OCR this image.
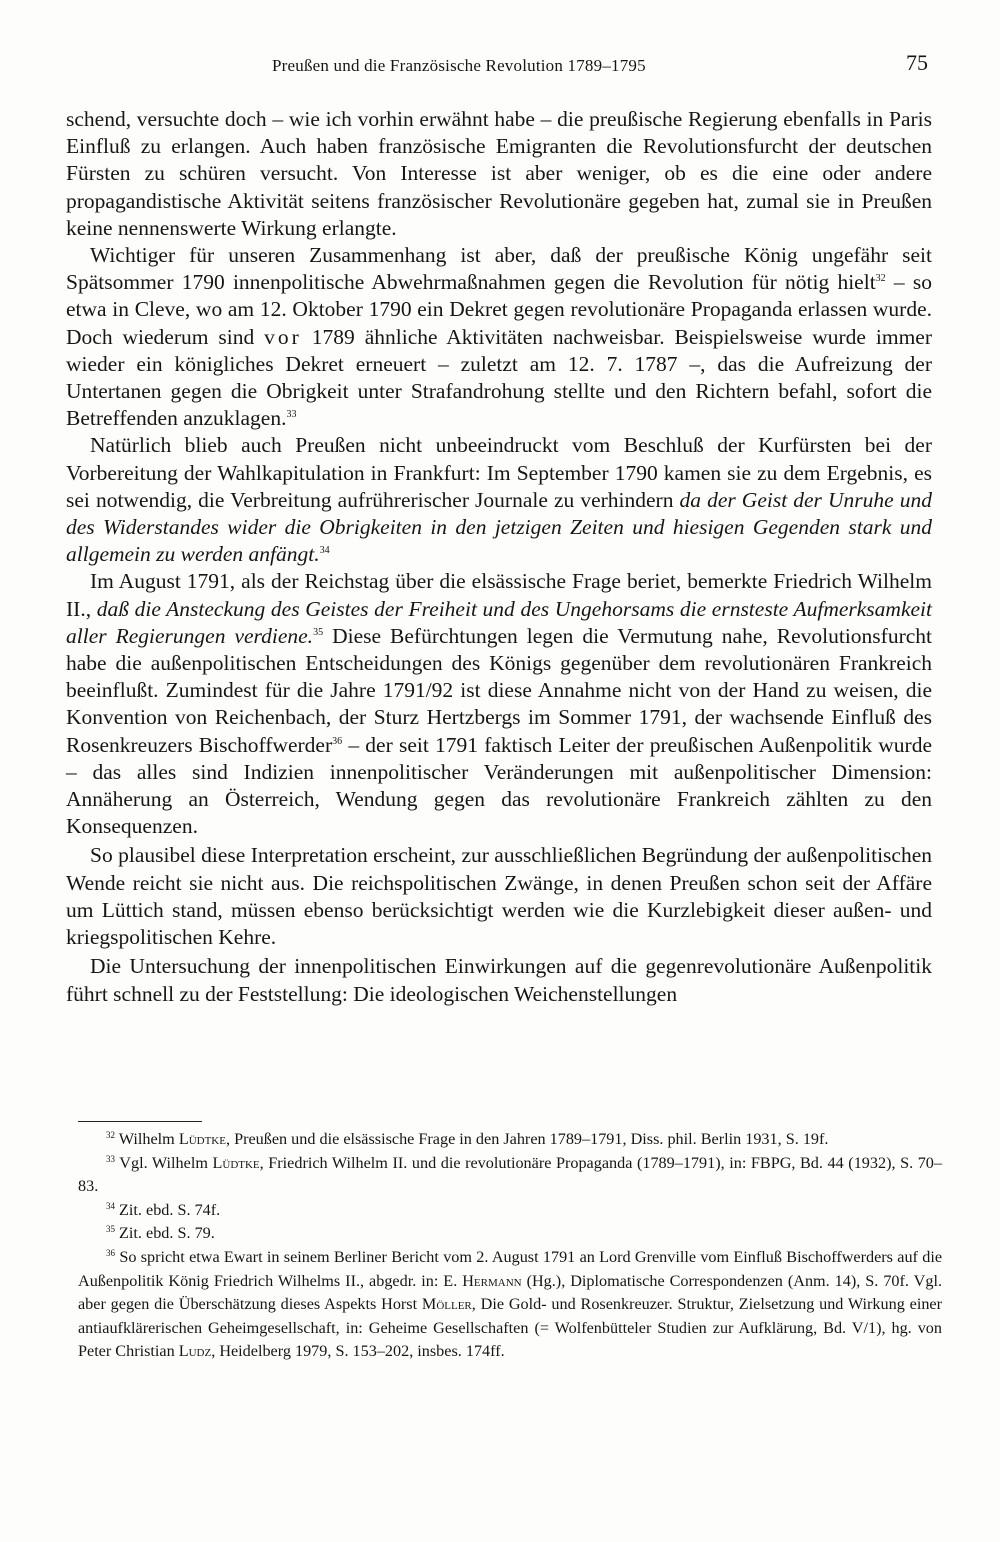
Preußen und die Französische Revolution 1789–1795	75

schend, versuchte doch – wie ich vorhin erwähnt habe – die preußische Regierung ebenfalls in Paris Einfluß zu erlangen. Auch haben französische Emigranten die Revolutionsfurcht der deutschen Fürsten zu schüren versucht. Von Interesse ist aber weniger, ob es die eine oder andere propagandistische Aktivität seitens französischer Revolutionäre gegeben hat, zumal sie in Preußen keine nennenswerte Wirkung erlangte.

Wichtiger für unseren Zusammenhang ist aber, daß der preußische König ungefähr seit Spätsommer 1790 innenpolitische Abwehrmaßnahmen gegen die Revolution für nötig hielt$^{32}$ – so etwa in Cleve, wo am 12. Oktober 1790 ein Dekret gegen revolutionäre Propaganda erlassen wurde. Doch wiederum sind vor 1789 ähnliche Aktivitäten nachweisbar. Beispielsweise wurde immer wieder ein königliches Dekret erneuert – zuletzt am 12. 7. 1787 –, das die Aufreizung der Untertanen gegen die Obrigkeit unter Strafandrohung stellte und den Richtern befahl, sofort die Betreffenden anzuklagen.$^{33}$

Natürlich blieb auch Preußen nicht unbeeindruckt vom Beschluß der Kurfürsten bei der Vorbereitung der Wahlkapitulation in Frankfurt: Im September 1790 kamen sie zu dem Ergebnis, es sei notwendig, die Verbreitung aufrührerischer Journale zu verhindern da der Geist der Unruhe und des Widerstandes wider die Obrigkeiten in den jetzigen Zeiten und hiesigen Gegenden stark und allgemein zu werden anfängt.$^{34}$

Im August 1791, als der Reichstag über die elsässische Frage beriet, bemerkte Friedrich Wilhelm II., daß die Ansteckung des Geistes der Freiheit und des Ungehorsams die ernsteste Aufmerksamkeit aller Regierungen verdiene.$^{35}$ Diese Befürchtungen legen die Vermutung nahe, Revolutionsfurcht habe die außenpolitischen Entscheidungen des Königs gegenüber dem revolutionären Frankreich beeinflußt. Zumindest für die Jahre 1791/92 ist diese Annahme nicht von der Hand zu weisen, die Konvention von Reichenbach, der Sturz Hertzbergs im Sommer 1791, der wachsende Einfluß des Rosenkreuzers Bischoffwerder$^{36}$ – der seit 1791 faktisch Leiter der preußischen Außenpolitik wurde – das alles sind Indizien innenpolitischer Veränderungen mit außenpolitischer Dimension: Annäherung an Österreich, Wendung gegen das revolutionäre Frankreich zählten zu den Konsequenzen.

So plausibel diese Interpretation erscheint, zur ausschließlichen Begründung der außenpolitischen Wende reicht sie nicht aus. Die reichspolitischen Zwänge, in denen Preußen schon seit der Affäre um Lüttich stand, müssen ebenso berücksichtigt werden wie die Kurzlebigkeit dieser außen- und kriegspolitischen Kehre.

Die Untersuchung der innenpolitischen Einwirkungen auf die gegenrevolutionäre Außenpolitik führt schnell zu der Feststellung: Die ideologischen Weichenstellungen

$^{32}$ Wilhelm Lüdtke, Preußen und die elsässische Frage in den Jahren 1789–1791, Diss. phil. Berlin 1931, S. 19f.

$^{33}$ Vgl. Wilhelm Lüdtke, Friedrich Wilhelm II. und die revolutionäre Propaganda (1789–1791), in: FBPG, Bd. 44 (1932), S. 70–83.

$^{34}$ Zit. ebd. S. 74f.

$^{35}$ Zit. ebd. S. 79.

$^{36}$ So spricht etwa Ewart in seinem Berliner Bericht vom 2. August 1791 an Lord Grenville vom Einfluß Bischoffwerders auf die Außenpolitik König Friedrich Wilhelms II., abgedr. in: E. Hermann (Hg.), Diplomatische Correspondenzen (Anm. 14), S. 70f. Vgl. aber gegen die Überschätzung dieses Aspekts Horst Möller, Die Gold- und Rosenkreuzer. Struktur, Zielsetzung und Wirkung einer antiaufklärerischen Geheimgesellschaft, in: Geheime Gesellschaften (= Wolfenbütteler Studien zur Aufklärung, Bd. V/1), hg. von Peter Christian Ludz, Heidelberg 1979, S. 153–202, insbes. 174ff.
